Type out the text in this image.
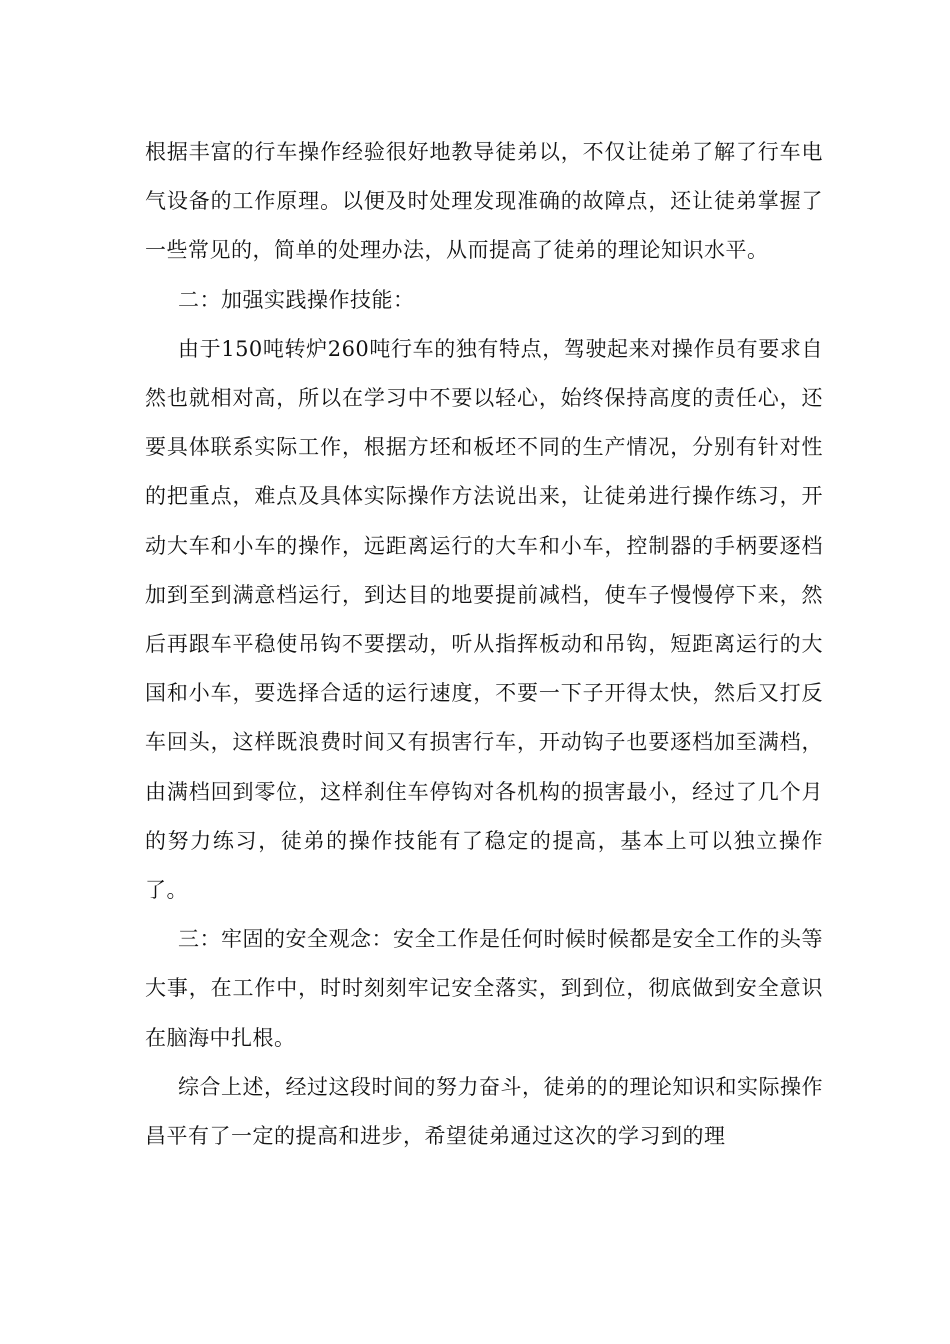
根据丰富的行车操作经验很好地教导徒弟以，不仅让徒弟了解了行车电气设备的工作原理。以便及时处理发现准确的故障点，还让徒弟掌握了一些常见的，简单的处理办法，从而提高了徒弟的理论知识水平。

二：加强实践操作技能：

由于150吨转炉260吨行车的独有特点，驾驶起来对操作员有要求自然也就相对高，所以在学习中不要以轻心，始终保持高度的责任心，还要具体联系实际工作，根据方坯和板坯不同的生产情况，分别有针对性的把重点，难点及具体实际操作方法说出来，让徒弟进行操作练习，开动大车和小车的操作，远距离运行的大车和小车，控制器的手柄要逐档加到至到满意档运行，到达目的地要提前减档，使车子慢慢停下来，然后再跟车平稳使吊钩不要摆动，听从指挥板动和吊钩，短距离运行的大国和小车，要选择合适的运行速度，不要一下子开得太快，然后又打反车回头，这样既浪费时间又有损害行车，开动钩子也要逐档加至满档，由满档回到零位，这样刹住车停钩对各机构的损害最小，经过了几个月的努力练习，徒弟的操作技能有了稳定的提高，基本上可以独立操作了。

三：牢固的安全观念：安全工作是任何时候时候都是安全工作的头等大事，在工作中，时时刻刻牢记安全落实，到到位，彻底做到安全意识在脑海中扎根。

综合上述，经过这段时间的努力奋斗，徒弟的的理论知识和实际操作昌平有了一定的提高和进步，希望徒弟通过这次的学习到的理
